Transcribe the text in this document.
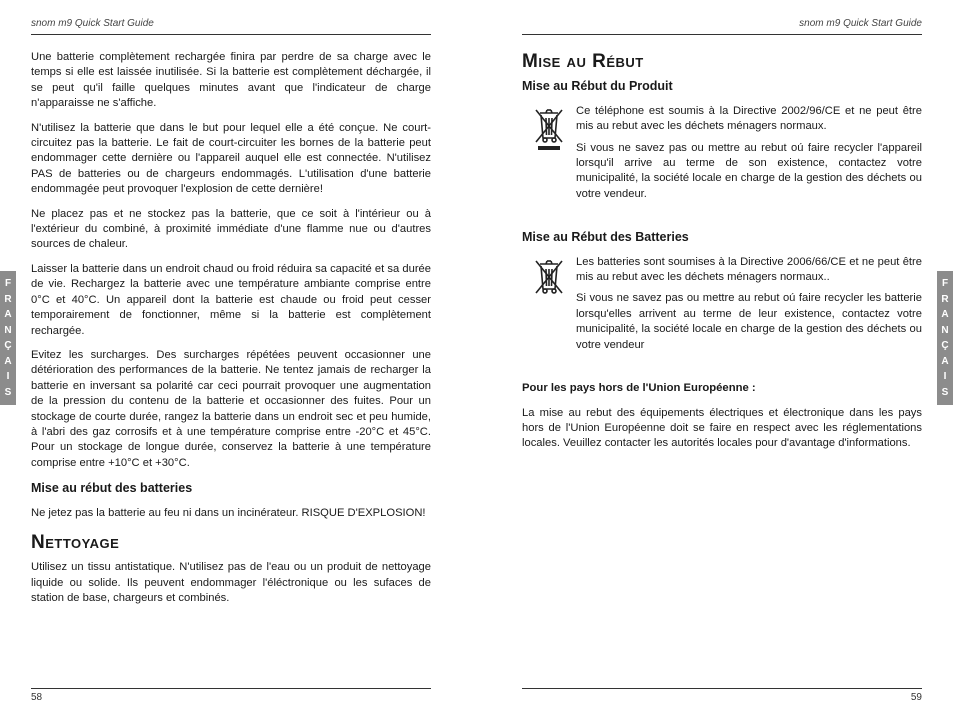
snom m9 Quick Start Guide

Une batterie complètement rechargée finira par perdre de sa charge avec le temps si elle est laissée inutilisée. Si la batterie est complètement déchargée, il se peut qu'il faille quelques minutes avant que l'indicateur de charge n'apparaisse ne s'affiche.

N'utilisez la batterie que dans le but pour lequel elle a été conçue. Ne court-circuitez pas la batterie. Le fait de court-circuiter les bornes de la batterie peut endommager cette dernière ou l'appareil auquel elle est connectée. N'utilisez PAS de batteries ou de chargeurs endommagés. L'utilisation d'une batterie endommagée peut provoquer l'explosion de cette dernière!

Ne placez pas et ne stockez pas la batterie, que ce soit à l'intérieur ou à l'extérieur du combiné, à proximité immédiate d'une flamme nue ou d'autres sources de chaleur.

Laisser la batterie dans un endroit chaud ou froid réduira sa capacité et sa durée de vie. Rechargez la batterie avec une température ambiante comprise entre 0°C et 40°C. Un appareil dont la batterie est chaude ou froid peut cesser temporairement de fonctionner, même si la batterie est complètement rechargée.

Evitez les surcharges. Des surcharges répétées peuvent occasionner une détérioration des performances de la batterie. Ne tentez jamais de recharger la batterie en inversant sa polarité car ceci pourrait provoquer une augmentation de la pression du contenu de la batterie et occasionner des fuites. Pour un stockage de courte durée, rangez la batterie dans un endroit sec et peu humide, à l'abri des gaz corrosifs et à une température comprise entre -20°C et 45°C. Pour un stockage de longue durée, conservez la batterie à une température comprise entre +10°C et +30°C.

Mise au rébut des batteries

Ne jetez pas la batterie au feu ni dans un incinérateur. RISQUE D'EXPLOSION!

Nettoyage

Utilisez un tissu antistatique. N'utilisez pas de l'eau ou un produit de nettoyage liquide ou solide. Ils peuvent endommager l'éléctronique ou les sufaces de station de base, chargeurs et combinés.

58
snom m9 Quick Start Guide
Mise au Rébut
Mise au Rébut du Produit

Ce téléphone est soumis à la Directive 2002/96/CE et ne peut être mis au rebut avec les déchets ménagers normaux.

Si vous ne savez pas ou mettre au rebut oú faire recycler l'appareil lorsqu'il arrive au terme de son existence, contactez votre municipalité, la société locale en charge de la gestion des déchets ou votre vendeur.

Mise au Rébut des Batteries

Les batteries sont soumises à la Directive 2006/66/CE et ne peut être mis au rebut avec les déchets ménagers normaux..

Si vous ne savez pas ou mettre au rebut oú faire recycler les batterie lorsqu'elles arrivent au terme de leur existence, contactez votre municipalité, la société locale en charge de la gestion des déchets ou votre vendeur

Pour les pays hors de l'Union Européenne :

La mise au rebut des équipements électriques et électronique dans les pays hors de l'Union Européenne doit se faire en respect avec les réglementations locales. Veuillez contacter les autorités locales pour d'avantage d'informations.

59
F
R
A
N
Ç
A
I
S
F
R
A
N
Ç
A
I
S
